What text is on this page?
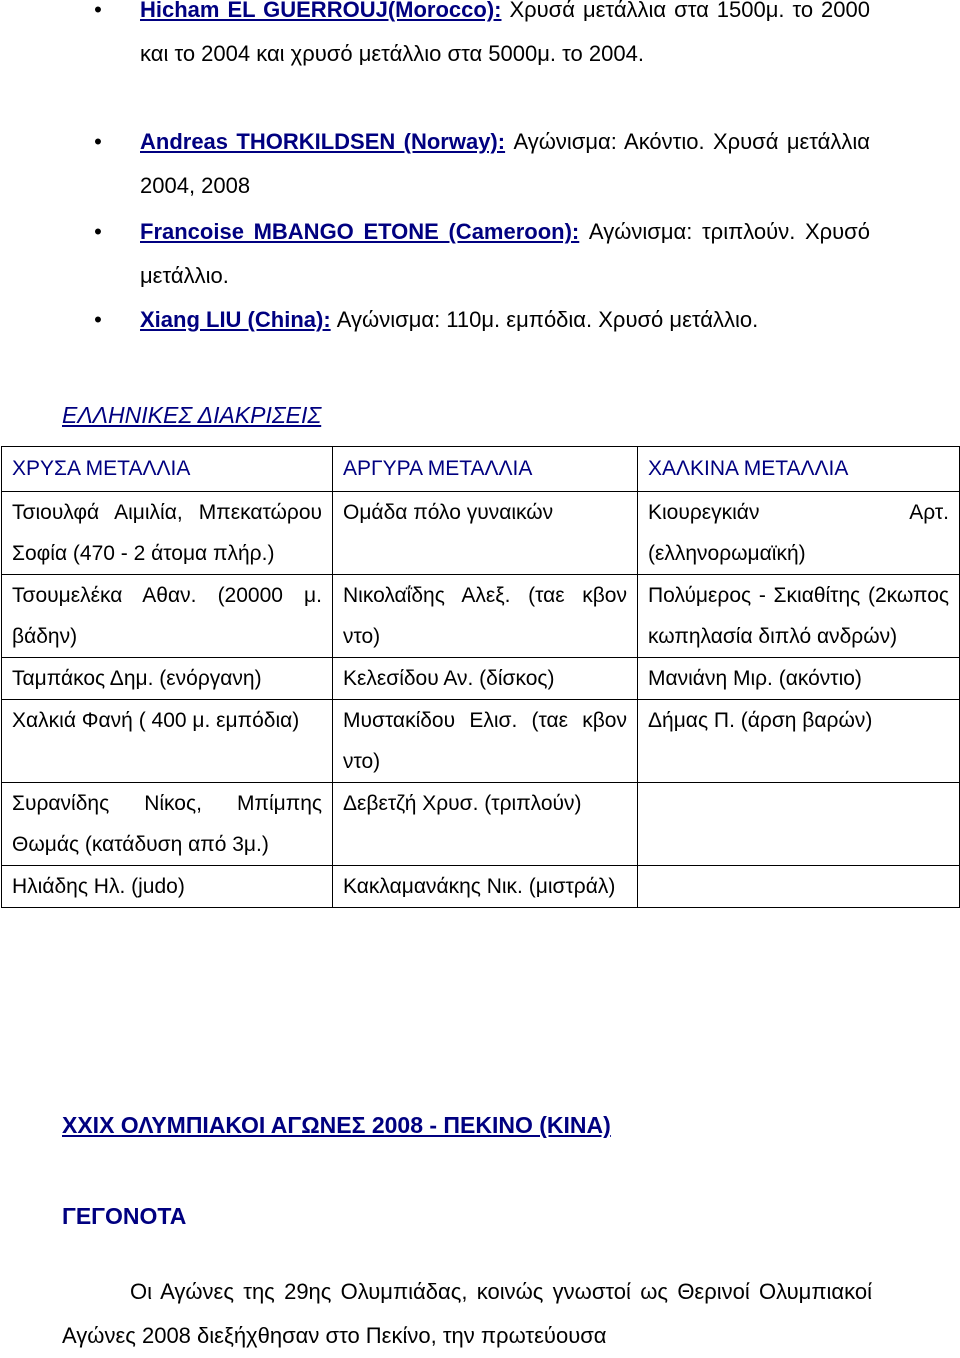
• Hicham EL GUERROUJ(Morocco): Χρυσά μετάλλια στα 1500μ. το 2000 και το 2004 και χρυσό μετάλλιο στα 5000μ. το 2004.
• Andreas THORKILDSEN (Norway): Αγώνισμα: Ακόντιο. Χρυσά μετάλλια 2004, 2008
• Francoise MBANGO ETONE (Cameroon): Αγώνισμα: τριπλούν. Χρυσό μετάλλιο.
• Xiang LIU (China): Αγώνισμα: 110μ. εμπόδια. Χρυσό μετάλλιο.
ΕΛΛΗΝΙΚΕΣ ΔΙΑΚΡΙΣΕΙΣ
ΧΡΥΣΑ ΜΕΤΑΛΛΙΑ	ΑΡΓΥΡΑ ΜΕΤΑΛΛΙΑ	ΧΑΛΚΙΝΑ ΜΕΤΑΛΛΙΑ
Τσιουλφά Αιμιλία, Μπεκατώρου Σοφία (470 - 2 άτομα πλήρ.)	Ομάδα πόλο γυναικών	Κιουρεγκιάν Αρτ. (ελληνορωμαϊκή)
Τσουμελέκα Αθαν. (20000 μ. βάδην)	Νικολαΐδης Αλεξ. (ταε κβον ντο)	Πολύμερος - Σκιαθίτης (2κωπος κωπηλασία διπλό ανδρών)
Ταμπάκος Δημ. (ενόργανη)	Κελεσίδου Αν. (δίσκος)	Μανιάνη Μιρ. (ακόντιο)
Χαλκιά Φανή ( 400 μ. εμπόδια)	Μυστακίδου Ελισ. (ταε κβον ντο)	Δήμας Π. (άρση βαρών)
Συρανίδης Νίκος, Μπίμπης Θωμάς (κατάδυση από 3μ.)	Δεβετζή Χρυσ. (τριπλούν)	
Ηλιάδης Ηλ. (judo)	Κακλαμανάκης Νικ. (μιστράλ)	
XXIX ΟΛΥΜΠΙΑΚΟΙ ΑΓΩΝΕΣ 2008 - ΠΕΚΙΝΟ (ΚΙΝΑ)
ΓΕΓΟΝΟΤΑ
Οι Αγώνες της 29ης Ολυμπιάδας, κοινώς γνωστοί ως Θερινοί Ολυμπιακοί Αγώνες 2008 διεξήχθησαν στο Πεκίνο, την πρωτεύουσα
